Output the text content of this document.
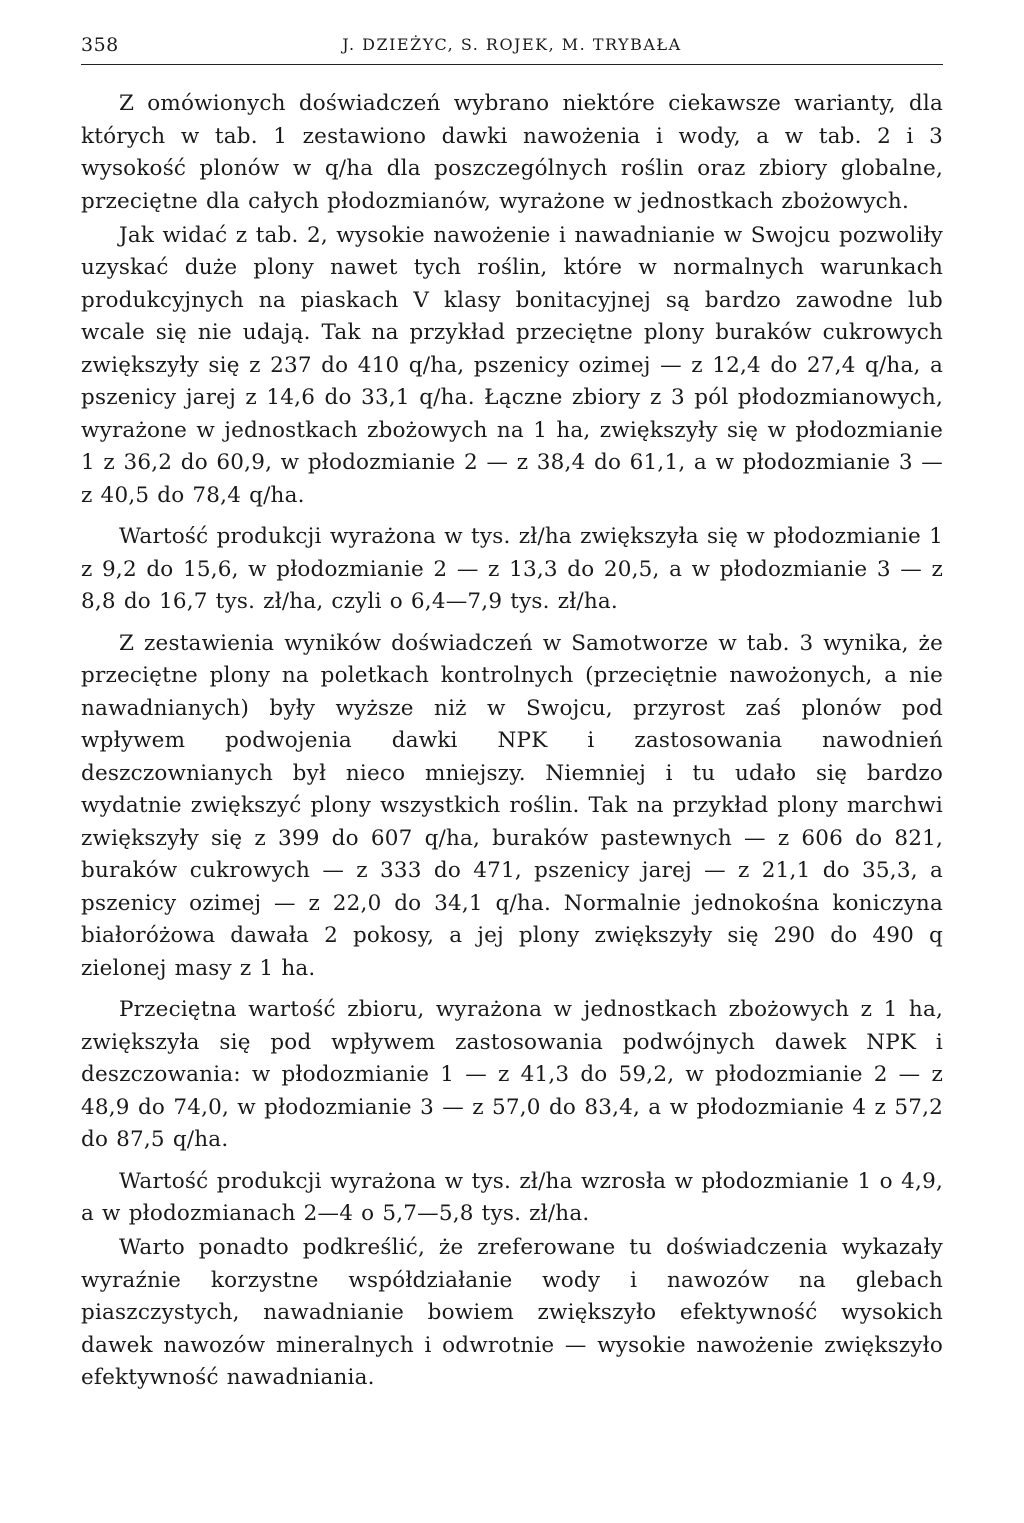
358	J. DZIEŻYC, S. ROJEK, M. TRYBAŁA

Z omówionych doświadczeń wybrano niektóre ciekawsze warianty, dla których w tab. 1 zestawiono dawki nawożenia i wody, a w tab. 2 i 3 wysokość plonów w q/ha dla poszczególnych roślin oraz zbiory globalne, przeciętne dla całych płodozmianów, wyrażone w jednostkach zbożowych.

Jak widać z tab. 2, wysokie nawożenie i nawadnianie w Swojcu pozwoliły uzyskać duże plony nawet tych roślin, które w normalnych warunkach produkcyjnych na piaskach V klasy bonitacyjnej są bardzo zawodne lub wcale się nie udają. Tak na przykład przeciętne plony buraków cukrowych zwiększyły się z 237 do 410 q/ha, pszenicy ozimej — z 12,4 do 27,4 q/ha, a pszenicy jarej z 14,6 do 33,1 q/ha. Łączne zbiory z 3 pól płodozmianowych, wyrażone w jednostkach zbożowych na 1 ha, zwiększyły się w płodozmianie 1 z 36,2 do 60,9, w płodozmianie 2 — z 38,4 do 61,1, a w płodozmianie 3 — z 40,5 do 78,4 q/ha.

Wartość produkcji wyrażona w tys. zł/ha zwiększyła się w płodozmianie 1 z 9,2 do 15,6, w płodozmianie 2 — z 13,3 do 20,5, a w płodozmianie 3 — z 8,8 do 16,7 tys. zł/ha, czyli o 6,4—7,9 tys. zł/ha.

Z zestawienia wyników doświadczeń w Samotworze w tab. 3 wynika, że przeciętne plony na poletkach kontrolnych (przeciętnie nawożonych, a nie nawadnianych) były wyższe niż w Swojcu, przyrost zaś plonów pod wpływem podwojenia dawki NPK i zastosowania nawodnień deszczownianych był nieco mniejszy. Niemniej i tu udało się bardzo wydatnie zwiększyć plony wszystkich roślin. Tak na przykład plony marchwi zwiększyły się z 399 do 607 q/ha, buraków pastewnych — z 606 do 821, buraków cukrowych — z 333 do 471, pszenicy jarej — z 21,1 do 35,3, a pszenicy ozimej — z 22,0 do 34,1 q/ha. Normalnie jednokośna koniczyna białoróżowa dawała 2 pokosy, a jej plony zwiększyły się 290 do 490 q zielonej masy z 1 ha.

Przeciętna wartość zbioru, wyrażona w jednostkach zbożowych z 1 ha, zwiększyła się pod wpływem zastosowania podwójnych dawek NPK i deszczowania: w płodozmianie 1 — z 41,3 do 59,2, w płodozmianie 2 — z 48,9 do 74,0, w płodozmianie 3 — z 57,0 do 83,4, a w płodozmianie 4 z 57,2 do 87,5 q/ha.

Wartość produkcji wyrażona w tys. zł/ha wzrosła w płodozmianie 1 o 4,9, a w płodozmianach 2—4 o 5,7—5,8 tys. zł/ha.

Warto ponadto podkreślić, że zreferowane tu doświadczenia wykazały wyraźnie korzystne współdziałanie wody i nawozów na glebach piaszczystych, nawadnianie bowiem zwiększyło efektywność wysokich dawek nawozów mineralnych i odwrotnie — wysokie nawożenie zwiększyło efektywność nawadniania.
